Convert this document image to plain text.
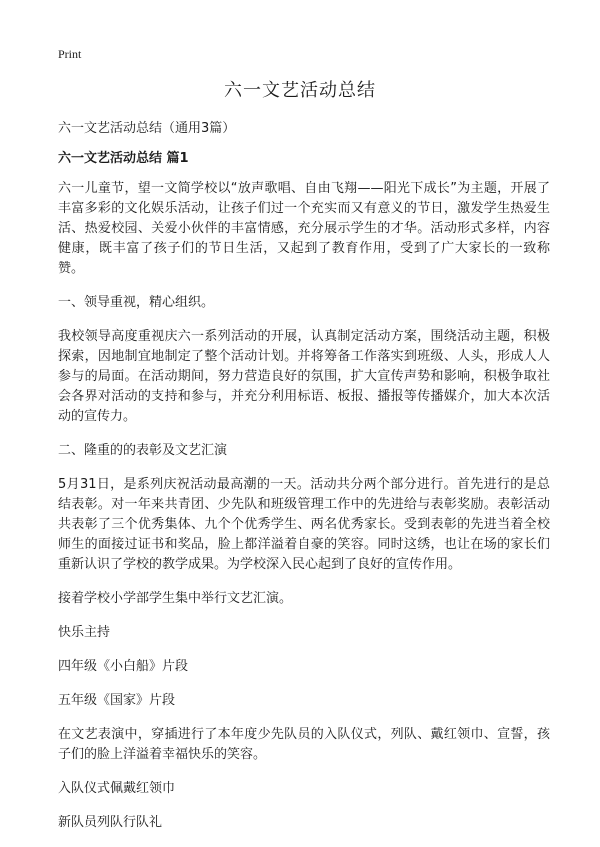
Print
六一文艺活动总结

六一文艺活动总结（通用3篇）

六一文艺活动总结 篇1

六一儿童节，望一文简学校以“放声歌唱、自由飞翔——阳光下成长”为主题，开展了丰富多彩的文化娱乐活动，让孩子们过一个充实而又有意义的节日，激发学生热爱生活、热爱校园、关爱小伙伴的丰富情感，充分展示学生的才华。活动形式多样，内容健康，既丰富了孩子们的节日生活，又起到了教育作用，受到了广大家长的一致称赞。

一、领导重视，精心组织。

我校领导高度重视庆六一系列活动的开展，认真制定活动方案，围绕活动主题，积极探索，因地制宜地制定了整个活动计划。并将筹备工作落实到班级、人头，形成人人参与的局面。在活动期间，努力营造良好的氛围，扩大宣传声势和影响，积极争取社会各界对活动的支持和参与，并充分利用标语、板报、播报等传播媒介，加大本次活动的宣传力。

二、隆重的的表彰及文艺汇演

5月31日，是系列庆祝活动最高潮的一天。活动共分两个部分进行。首先进行的是总结表彰。对一年来共青团、少先队和班级管理工作中的先进给与表彰奖励。表彰活动共表彰了三个优秀集体、九个个优秀学生、两名优秀家长。受到表彰的先进当着全校师生的面接过证书和奖品，脸上都洋溢着自豪的笑容。同时这绣，也让在场的家长们重新认识了学校的教学成果。为学校深入民心起到了良好的宣传作用。

接着学校小学部学生集中举行文艺汇演。

快乐主持

四年级《小白船》片段

五年级《国家》片段

在文艺表演中，穿插进行了本年度少先队员的入队仪式，列队、戴红领巾、宣誓，孩子们的脸上洋溢着幸福快乐的笑容。

入队仪式佩戴红领巾

新队员列队行队礼
